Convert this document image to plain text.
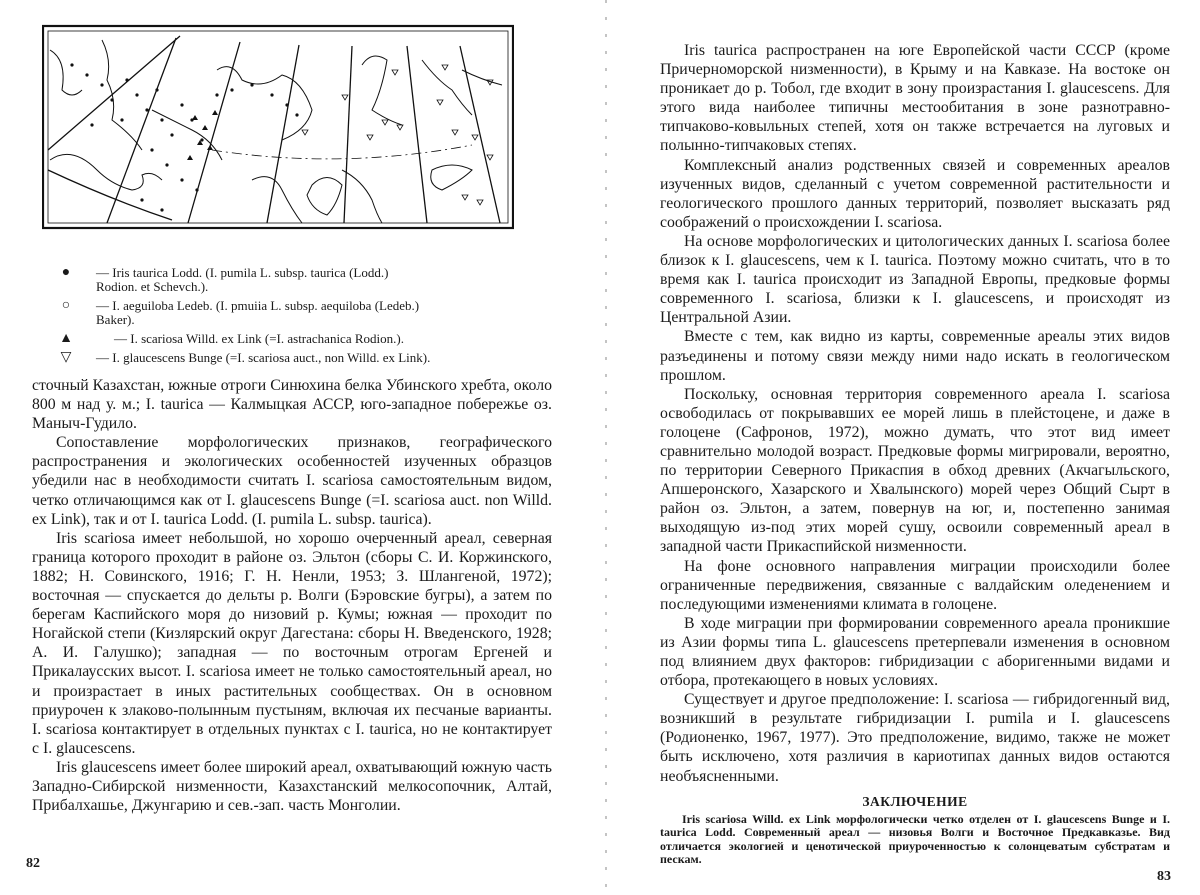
● — Iris taurica Lodd. (I. pumila L. subsp. taurica (Lodd.)
Rodion. et Schevch.).
○ — I. aeguiloba Ledeb. (I. pmuiia L. subsp. aequiloba (Ledeb.)
Baker).
▲	— I. scariosa Willd. ex Link (=I. astrachanica Rodion.).
▽ — I. glaucescens Bunge (=I. scariosa auct., non Willd. ex Link).

сточный Казахстан, южные отроги Синюхина белка Убинского хребта, около 800 м над у. м.; I. taurica — Калмыцкая АССР, юго-западное побережье оз. Маныч-Гудило.

Сопоставление морфологических признаков, географического распространения и экологических особенностей изученных образцов убедили нас в необходимости считать I. scariosa самостоятельным видом, четко отличающимся как от I. glaucescens Bunge (=I. scariosa auct. non Willd. ex Link), так и от I. taurica Lodd. (I. pumila L. subsp. taurica).

Iris scariosa имеет небольшой, но хорошо очерченный ареал, северная граница которого проходит в районе оз. Эльтон (сборы С. И. Коржинского, 1882; Н. Совинского, 1916; Г. Н. Ненли, 1953; З. Шлангеной, 1972); восточная — спускается до дельты р. Волги (Бэровские бугры), а затем по берегам Каспийского моря до низовий р. Кумы; южная — проходит по Ногайской степи (Кизлярский округ Дагестана: сборы Н. Введенского, 1928; А. И. Галушко); западная — по восточным отрогам Ергеней и Прикалаусских высот. I. scariosa имеет не только самостоятельный ареал, но и произрастает в иных растительных сообществах. Он в основном приурочен к злаково-полынным пустыням, включая их песчаные варианты. I. scariosa контактирует в отдельных пунктах с I. taurica, но не контактирует с I. glaucescens.

Iris glaucescens имеет более широкий ареал, охватывающий южную часть Западно-Сибирской низменности, Казахстанский мелкосопочник, Алтай, Прибалхашье, Джунгарию и сев.-зап. часть Монголии.

82

Iris taurica распространен на юге Европейской части СССР (кроме Причерноморской низменности), в Крыму и на Кавказе. На востоке он проникает до р. Тобол, где входит в зону произрастания I. glaucescens. Для этого вида наиболее типичны местообитания в зоне разнотравно-типчаково-ковыльных степей, хотя он также встречается на луговых и полынно-типчаковых степях.

Комплексный анализ родственных связей и современных ареалов изученных видов, сделанный с учетом современной растительности и геологического прошлого данных территорий, позволяет высказать ряд соображений о происхождении I. scariosa.

На основе морфологических и цитологических данных I. scariosa более близок к I. glaucescens, чем к I. taurica. Поэтому можно считать, что в то время как I. taurica происходит из Западной Европы, предковые формы современного I. scariosa, близки к I. glaucescens, и происходят из Центральной Азии.

Вместе с тем, как видно из карты, современные ареалы этих видов разъединены и потому связи между ними надо искать в геологическом прошлом.

Поскольку, основная территория современного ареала I. scariosa освободилась от покрывавших ее морей лишь в плейстоцене, и даже в голоцене (Сафронов, 1972), можно думать, что этот вид имеет сравнительно молодой возраст. Предковые формы мигрировали, вероятно, по территории Северного Прикаспия в обход древних (Акчагыльского, Апшеронского, Хазарского и Хвалынского) морей через Общий Сырт в район оз. Эльтон, а затем, повернув на юг, и, постепенно занимая выходящую из-под этих морей сушу, освоили современный ареал в западной части Прикаспийской низменности.

На фоне основного направления миграции происходили более ограниченные передвижения, связанные с валдайским оледенением и последующими изменениями климата в голоцене.

В ходе миграции при формировании современного ареала проникшие из Азии формы типа L. glaucescens претерпевали изменения в основном под влиянием двух факторов: гибридизации с аборигенными видами и отбора, протекающего в новых условиях.

Существует и другое предположение: I. scariosa — гибридогенный вид, возникший в результате гибридизации I. pumila и I. glaucescens (Родионенко, 1967, 1977). Это предположение, видимо, также не может быть исключено, хотя различия в кариотипах данных видов остаются необъясненными.

ЗАКЛЮЧЕНИЕ

Iris scariosa Willd. ex Link морфологически четко отделен от I. glaucescens Bunge и I. taurica Lodd. Современный ареал — низовья Волги и Восточное Предкавказье. Вид отличается экологией и ценотической приуроченностью к солонцеватым субстратам и пескам.

83
